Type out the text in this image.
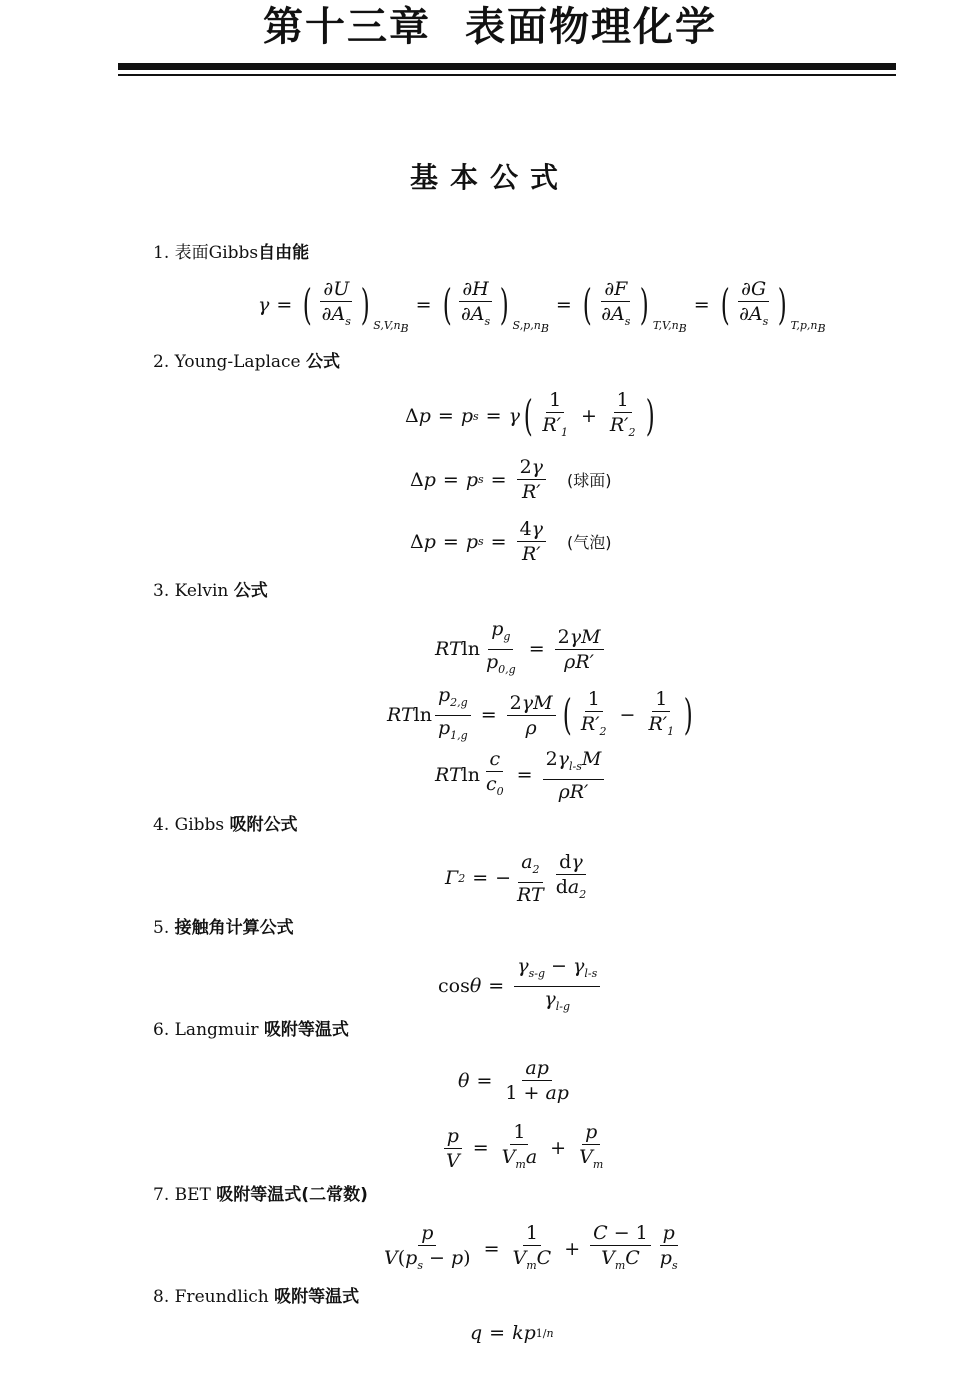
第十三章 表面物理化学
基本公式
1. 表面Gibbs自由能
γ = ( $\frac{\partial U}{\partial A_s}$ ) $S,V,n_B$
= ( $\frac{\partial H}{\partial A_s}$ ) $S,p,n_B$
= ( $\frac{\partial F}{\partial A_s}$ ) $T,V,n_B$
= ( $\frac{\partial G}{\partial A_s}$ ) $T,p,n_B$
2. Young-Laplace 公式
Δ p = p s = γ ( $\frac{1}{R'_1} + \frac{1}{R'_2}$ )
Δ p = p $s = \frac{2\gamma}{R'}$ (球面)
Δ p = p $s = \frac{4\gamma}{R'}$ (气泡)
3. Kelvin 公式
RT $\ln \frac{p_g}{p_{0,g}} = \frac{2\gamma M}{\rho R'}$
RT $\ln \frac{p_{2,g}}{p_{1,g}} = \frac{2\gamma M}{\rho}$ ( $\frac{1}{R'_2} - \frac{1}{R'_1}$ )
RT $\ln \frac{c}{c_0} = \frac{2\gamma_{l-s}M}{\rho R'}$
4. Gibbs 吸附公式
Γ 2 = − $\frac{a_2}{RT} \frac{d\gamma}{da_2}$
5. 接触角计算公式
$\cos \theta = \frac{\gamma_{s-g} - \gamma_{l-s}}{\gamma_{l-g}}$
6. Langmuir 吸附等温式
$\theta = \frac{ap}{1 + ap}$
$\frac{p}{V} = \frac{1}{V_ma} + \frac{p}{V_m}$
7. BET 吸附等温式(二常数)
$\frac{p}{V(p_s - p)} = \frac{1}{V_mC} + \frac{C - 1}{V_mC} \frac{p}{p_s}$
8. Freundlich 吸附等温式
q = kp 1/n
